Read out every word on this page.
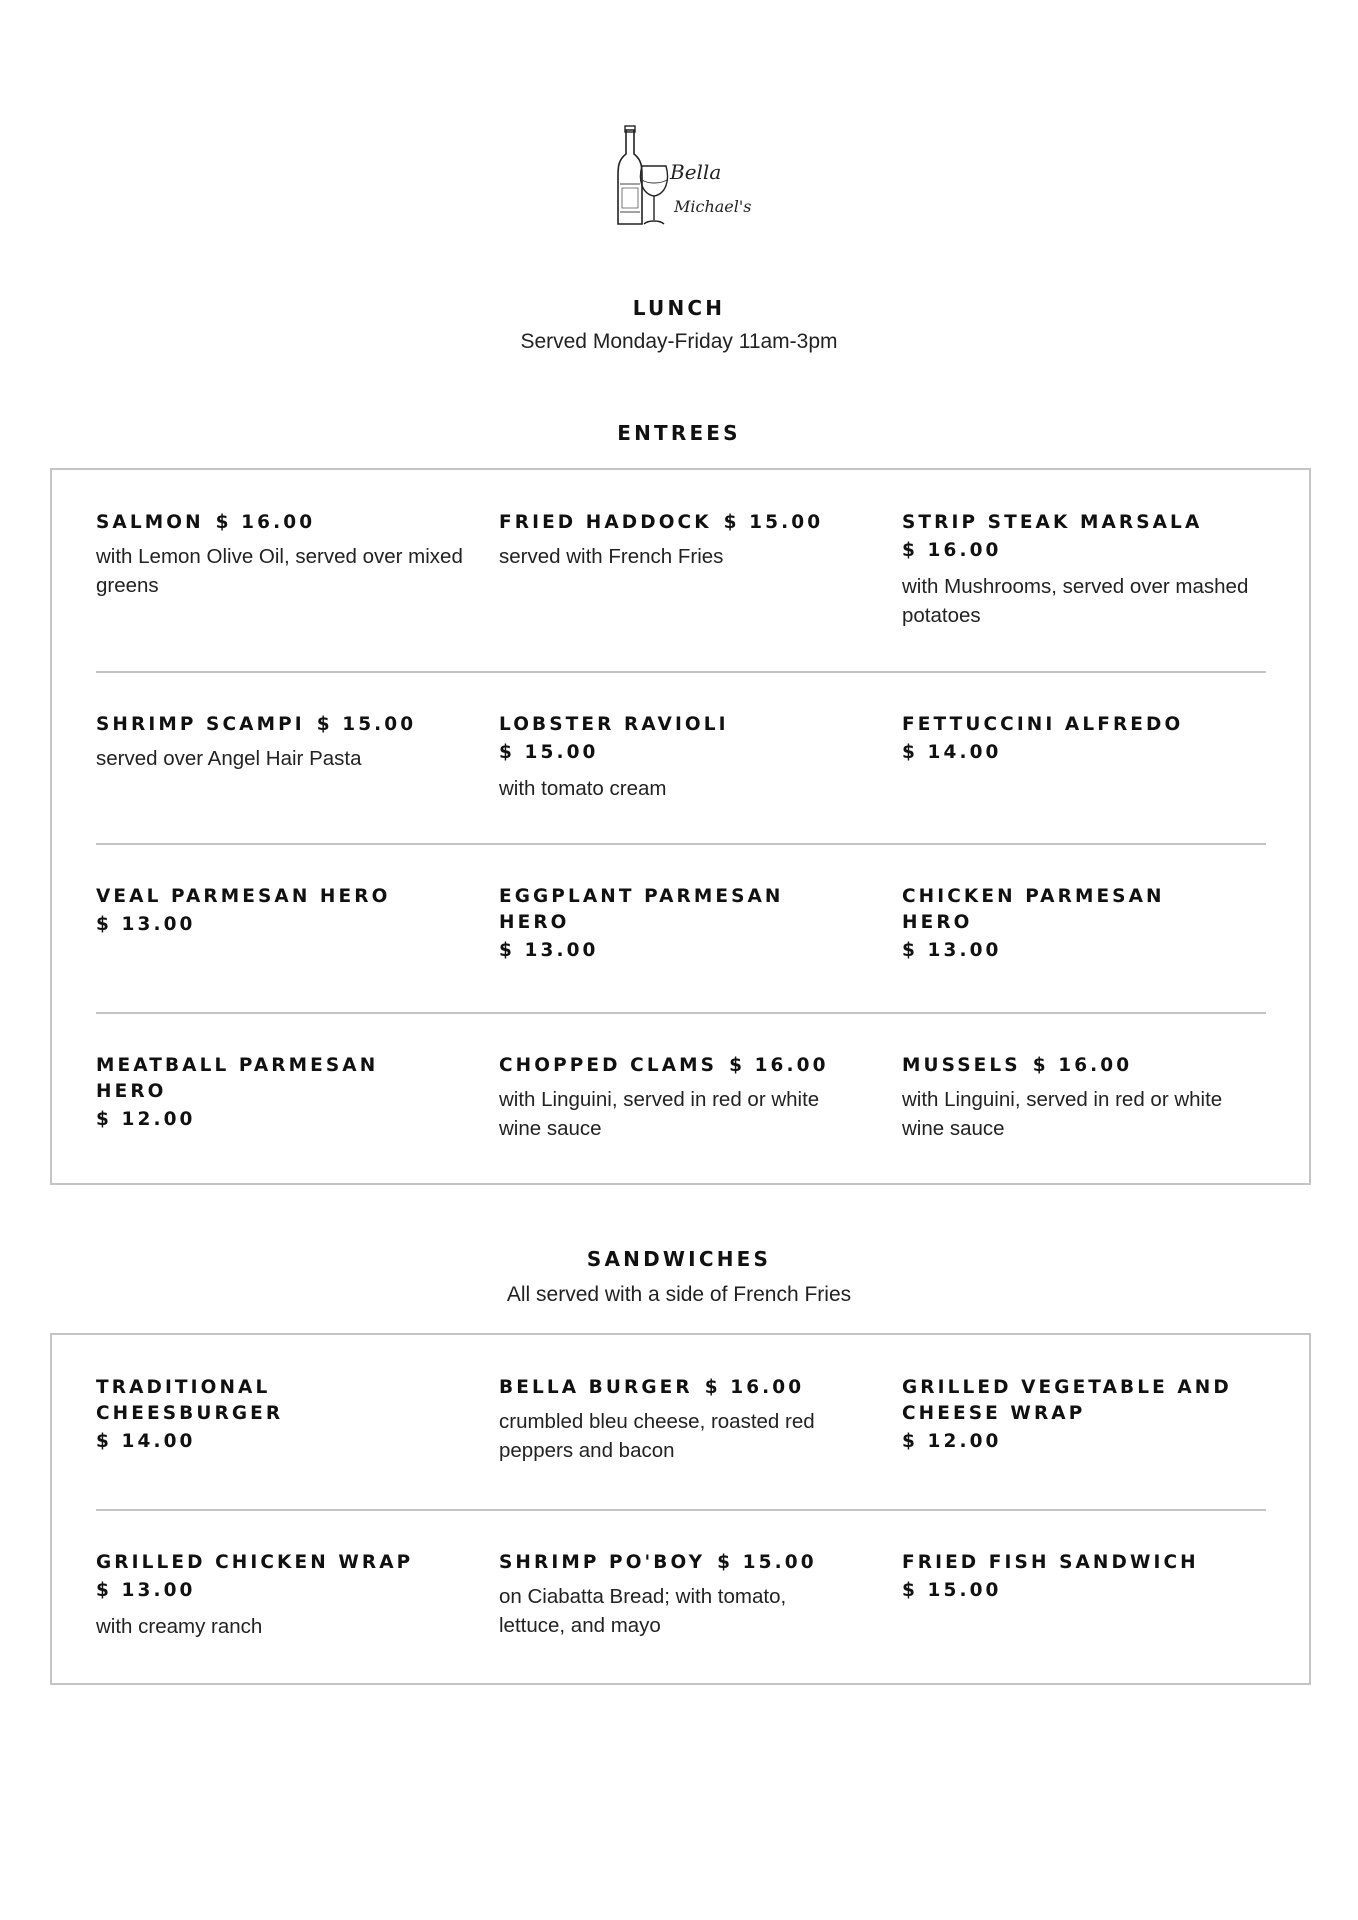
Bella
Michael's
LUNCH
Served Monday-Friday 11am-3pm
ENTREES
SALMON $ 16.00
with Lemon Olive Oil, served over mixed greens
FRIED HADDOCK $ 15.00
served with French Fries
STRIP STEAK MARSALA
$ 16.00
with Mushrooms, served over mashed potatoes
SHRIMP SCAMPI $ 15.00
served over Angel Hair Pasta
LOBSTER RAVIOLI
$ 15.00
with tomato cream
FETTUCCINI ALFREDO
$ 14.00
VEAL PARMESAN HERO
$ 13.00
EGGPLANT PARMESAN HERO
$ 13.00
CHICKEN PARMESAN HERO
$ 13.00
MEATBALL PARMESAN HERO
$ 12.00
CHOPPED CLAMS $ 16.00
with Linguini, served in red or white wine sauce
MUSSELS $ 16.00
with Linguini, served in red or white wine sauce
SANDWICHES
All served with a side of French Fries
TRADITIONAL CHEESBURGER
$ 14.00
BELLA BURGER $ 16.00
crumbled bleu cheese, roasted red peppers and bacon
GRILLED VEGETABLE AND CHEESE WRAP
$ 12.00
GRILLED CHICKEN WRAP
$ 13.00
with creamy ranch
SHRIMP PO'BOY $ 15.00
on Ciabatta Bread; with tomato, lettuce, and mayo
FRIED FISH SANDWICH
$ 15.00
